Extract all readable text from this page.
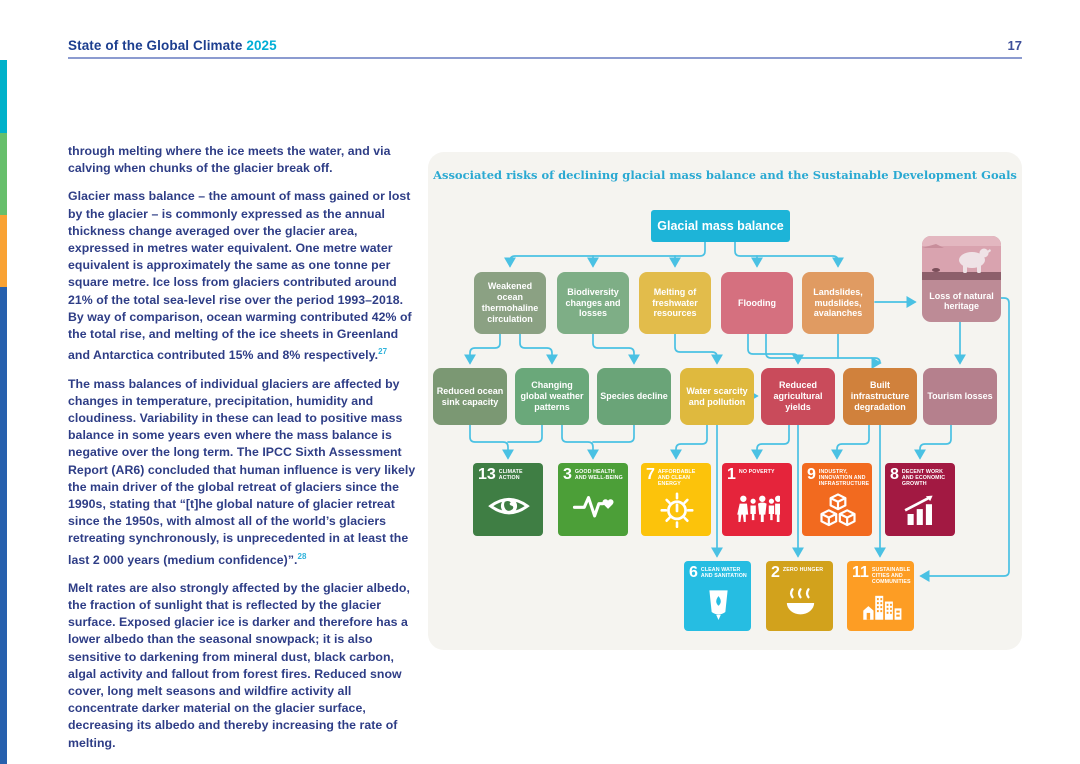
State of the Global Climate 2025	17

through melting where the ice meets the water, and via calving when chunks of the glacier break off.

Glacier mass balance – the amount of mass gained or lost by the glacier – is commonly expressed as the annual thickness change averaged over the glacier area, expressed in metres water equivalent. One metre water equivalent is approximately the same as one tonne per square metre. Ice loss from glaciers contributed around 21% of the total sea-level rise over the period 1993–2018. By way of comparison, ocean warming contributed 42% of the total rise, and melting of the ice sheets in Greenland and Antarctica contributed 15% and 8% respectively.$^{27}$

The mass balances of individual glaciers are affected by changes in temperature, precipitation, humidity and cloudiness. Variability in these can lead to positive mass balance in some years even where the mass balance is negative over the long term. The IPCC Sixth Assessment Report (AR6) concluded that human influence is very likely the main driver of the global retreat of glaciers since the 1990s, stating that “[t]he global nature of glacier retreat since the 1950s, with almost all of the world’s glaciers retreating synchronously, is unprecedented in at least the last 2 000 years (medium confidence)”.$^{28}$

Melt rates are also strongly affected by the glacier albedo, the fraction of sunlight that is reflected by the glacier surface. Exposed glacier ice is darker and therefore has a lower albedo than the seasonal snowpack; it is also sensitive to darkening from mineral dust, black carbon, algal activity and fallout from forest fires. Reduced snow cover, long melt seasons and wildfire activity all concentrate darker material on the glacier surface, decreasing its albedo and thereby increasing the rate of melting.

Associated risks of declining glacial mass balance and the Sustainable Development Goals
Glacial mass balance
Weakened ocean thermohaline circulation
Biodiversity changes and losses
Melting of freshwater resources
Flooding
Landslides, mudslides, avalanches
Loss of natural heritage
Reduced ocean sink capacity
Changing global weather patterns
Species decline
Water scarcity and pollution
Reduced agricultural yields
Built infrastructure degradation
Tourism losses
13 CLIMATE ACTION	3 GOOD HEALTH AND WELL-BEING 7 AFFORDABLE AND CLEAN ENERGY
1 NO POVERTY 9 INDUSTRY, INNOVATION AND INFRASTRUCTURE
8 DECENT WORK AND ECONOMIC GROWTH
6 CLEAN WATER AND SANITATION 2 ZERO HUNGER 11 SUSTAINABLE CITIES AND COMMUNITIES
